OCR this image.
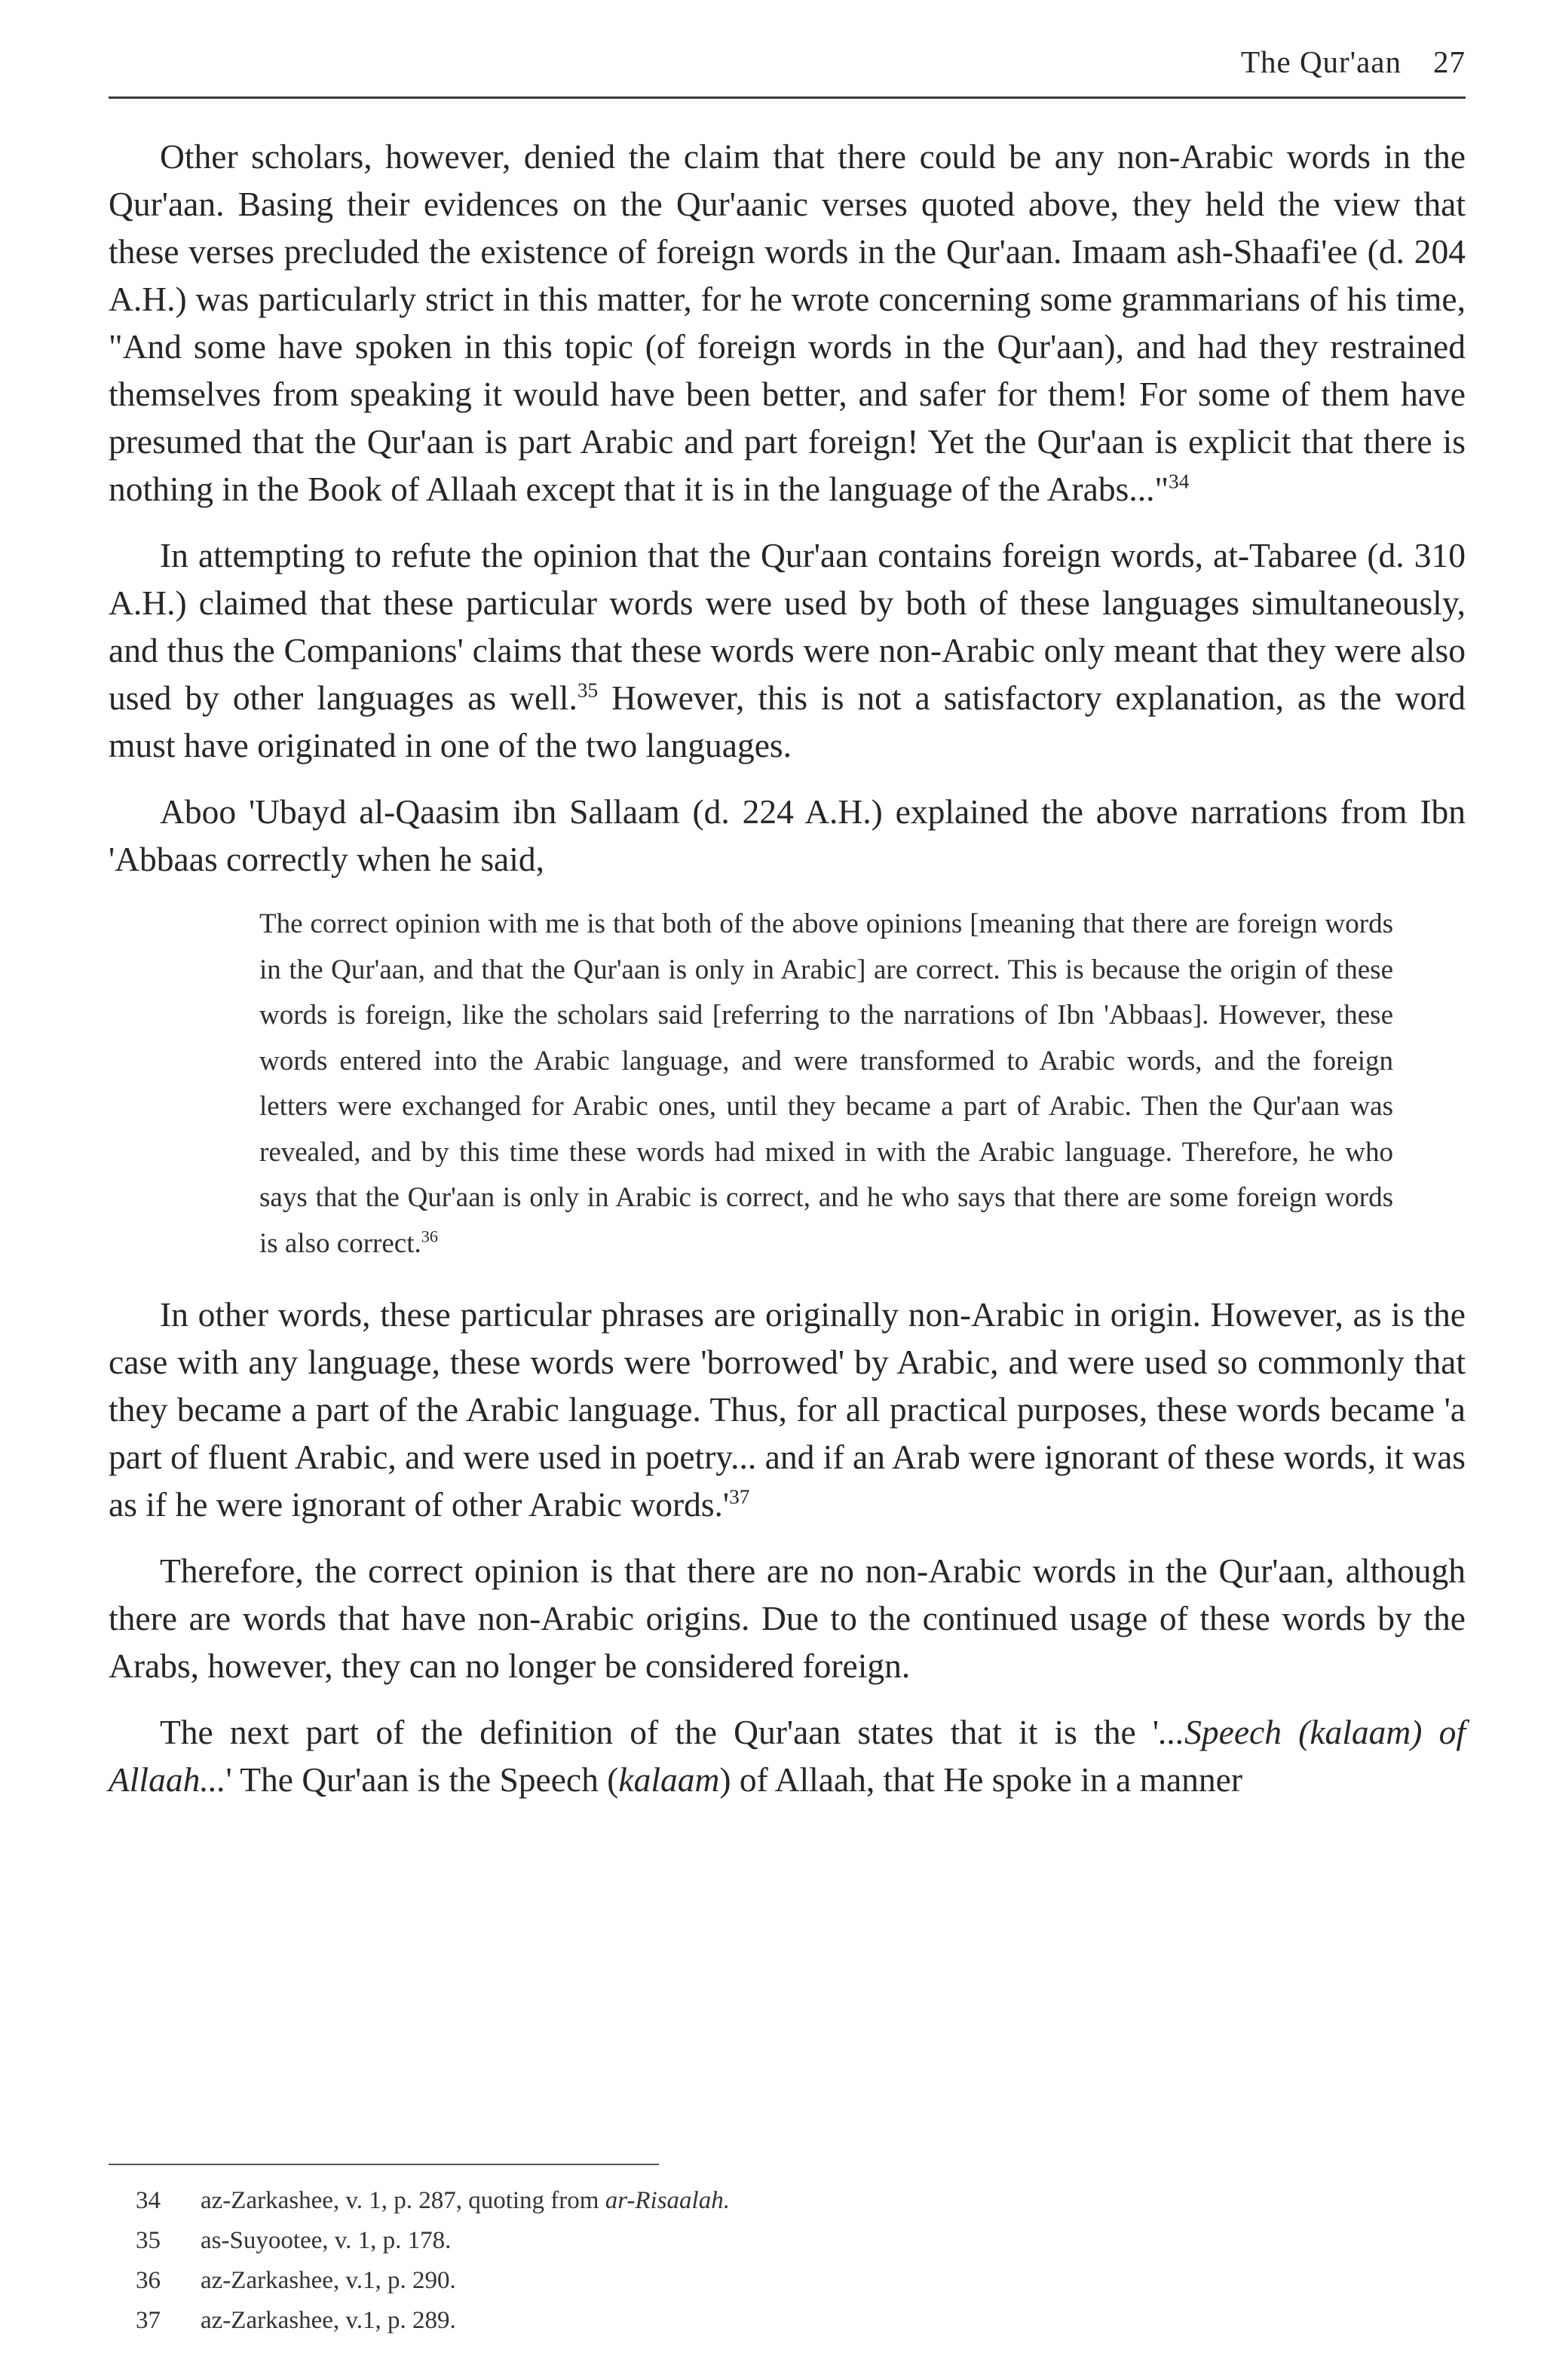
The Qur'aan 27

Other scholars, however, denied the claim that there could be any non-Arabic words in the Qur'aan. Basing their evidences on the Qur'aanic verses quoted above, they held the view that these verses precluded the existence of foreign words in the Qur'aan. Imaam ash-Shaafi'ee (d. 204 A.H.) was particularly strict in this matter, for he wrote concerning some grammarians of his time, "And some have spoken in this topic (of foreign words in the Qur'aan), and had they restrained themselves from speaking it would have been better, and safer for them! For some of them have presumed that the Qur'aan is part Arabic and part foreign! Yet the Qur'aan is explicit that there is nothing in the Book of Allaah except that it is in the language of the Arabs..."$^{34}$

In attempting to refute the opinion that the Qur'aan contains foreign words, at-Tabaree (d. 310 A.H.) claimed that these particular words were used by both of these languages simultaneously, and thus the Companions' claims that these words were non-Arabic only meant that they were also used by other languages as well.$^{35}$ However, this is not a satisfactory explanation, as the word must have originated in one of the two languages.

Aboo 'Ubayd al-Qaasim ibn Sallaam (d. 224 A.H.) explained the above narrations from Ibn 'Abbaas correctly when he said,

The correct opinion with me is that both of the above opinions [meaning that there are foreign words in the Qur'aan, and that the Qur'aan is only in Arabic] are correct. This is because the origin of these words is foreign, like the scholars said [referring to the narrations of Ibn 'Abbaas]. However, these words entered into the Arabic language, and were transformed to Arabic words, and the foreign letters were exchanged for Arabic ones, until they became a part of Arabic. Then the Qur'aan was revealed, and by this time these words had mixed in with the Arabic language. Therefore, he who says that the Qur'aan is only in Arabic is correct, and he who says that there are some foreign words is also correct.$^{36}$

In other words, these particular phrases are originally non-Arabic in origin. However, as is the case with any language, these words were 'borrowed' by Arabic, and were used so commonly that they became a part of the Arabic language. Thus, for all practical purposes, these words became 'a part of fluent Arabic, and were used in poetry... and if an Arab were ignorant of these words, it was as if he were ignorant of other Arabic $words.'^{37}$

Therefore, the correct opinion is that there are no non-Arabic words in the Qur'aan, although there are words that have non-Arabic origins. Due to the continued usage of these words by the Arabs, however, they can no longer be considered foreign.

The next part of the definition of the Qur'aan states that it is the '...Speech (kalaam) of Allaah...' The Qur'aan is the Speech (kalaam) of Allaah, that He spoke in a manner

34	az-Zarkashee, v. 1, p. 287, quoting from ar-Risaalah.
35	as-Suyootee, v. 1, p. 178.
36	az-Zarkashee, v.1, p. 290.
37	az-Zarkashee, v.1, p. 289.
